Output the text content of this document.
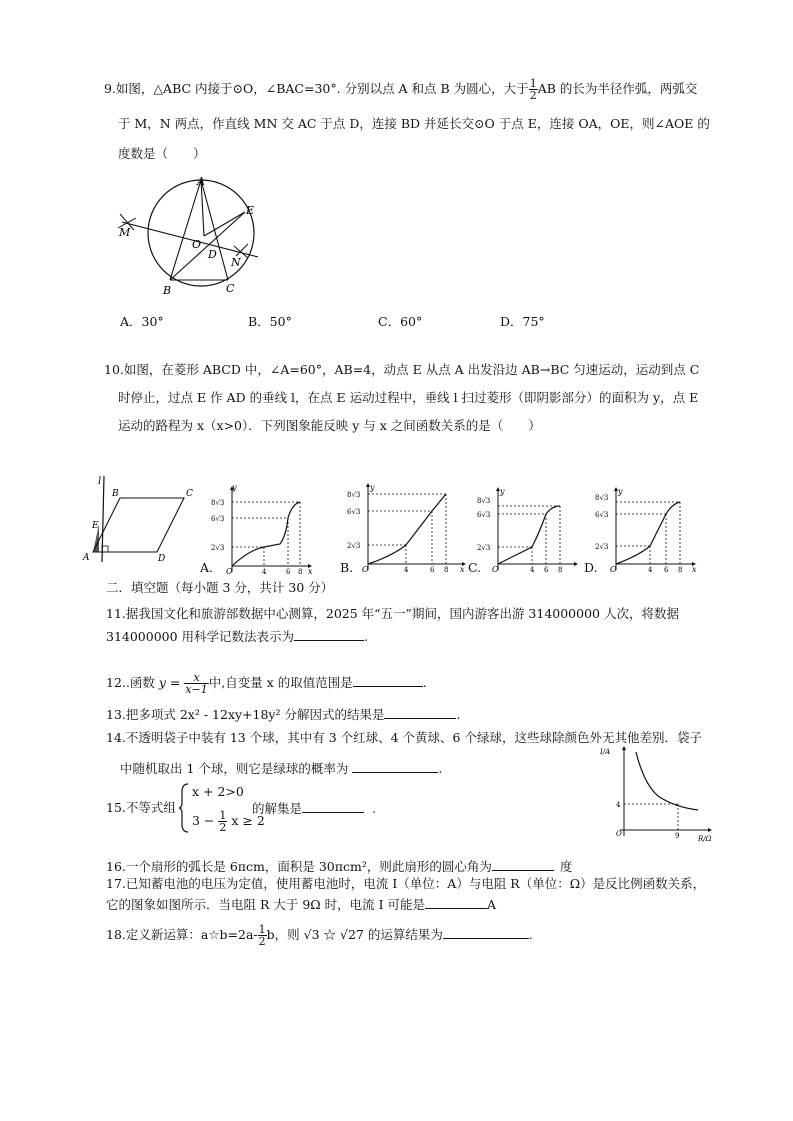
9.如图，△ABC 内接于⊙O，∠BAC=30°. 分别以点 A 和点 B 为圆心，大于 $\frac{1}{2}$ AB 的长为半径作弧，两弧交
于 M，N 两点，作直线 MN 交 AC 于点 D，连接 BD 并延长交⊙O 于点 E，连接 OA，OE，则∠AOE 的
度数是（　　）
A
E
M
O
D
N
B	C
A．30°	B．50°	C．60°	D．75°
10.如图，在菱形 ABCD 中，∠A=60°，AB=4，动点 E 从点 A 出发沿边 AB→BC 匀速运动，运动到点 C
时停止，过点 E 作 AD 的垂线 l，在点 E 运动过程中，垂线 l 扫过菱形（即阴影部分）的面积为 y，点 E
运动的路程为 x（x>0）．下列图象能反映 y 与 x 之间函数关系的是（　　）
l
B	C
E
A	D
y
x
O
8√3
6√3
2√3
4	6 8
A.
y
x
O
8√3
6√3
2√3
4	6 8
B.
y
O
8√3
6√3
2√3
4 6 8
C.
y
x
O
8√3
6√3
2√3
4 6 8
D.
二．填空题（每小题 3 分，共计 30 分）
11.据我国文化和旅游部数据中心测算，2025 年“五一”期间，国内游客出游 314000000 人次，将数据
314000000 用科学记数法表示为	.
12..函数 $y = \frac{x}{x-1}$ 中,自变量 x 的取值范围是	.
13.把多项式 2x² - 12xy+18y² 分解因式的结果是	.
14.不透明袋子中装有 13 个球，其中有 3 个红球、4 个黄球、6 个绿球，这些球除颜色外无其他差别．袋子
中随机取出 1 个球，则它是绿球的概率为	.
15.不等式组
x + 2>0
$3 - \frac{1}{2}$ x ≥ 2
的解集是	.
I/A
R/Ω
O
4
9
16.一个扇形的弧长是 6πcm，面积是 30πcm²，则此扇形的圆心角为	度
17.已知蓄电池的电压为定值，使用蓄电池时，电流 I（单位：A）与电阻 R（单位：Ω）是反比例函数关系，
它的图象如图所示．当电阻 R 大于 9Ω 时，电流 I 可能是	A
18.定义新运算：a☆b=2a- $\frac{1}{2}$ b，则 √3 ☆ √27 的运算结果为	.
